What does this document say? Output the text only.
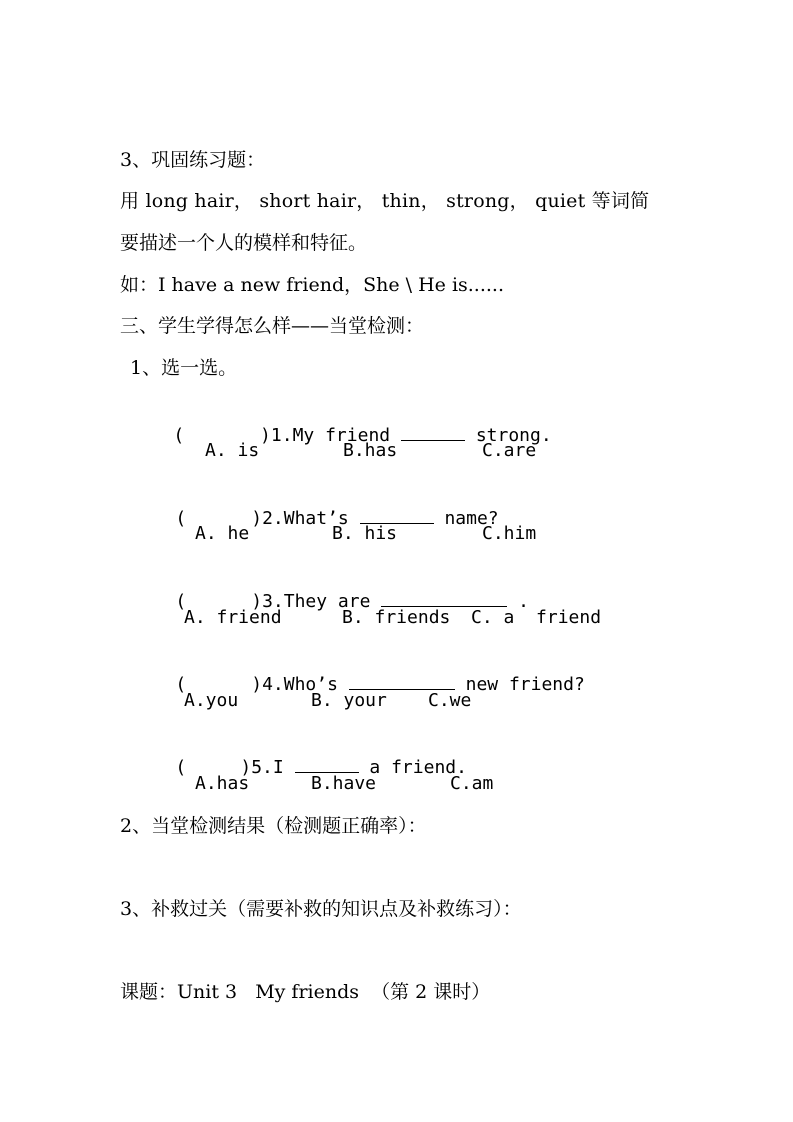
3、巩固练习题：
用 long hair， short hair， thin， strong， quiet 等词简
要描述一个人的模样和特征。
如：I have a new friend，She \ He is......
三、学生学得怎么样——当堂检测：
1、选一选。

(       )1.My friend	strong.

A. is	B.has	C.are

(      )2.What’s	name?

A. he	B. his	C.him

(      )3.They are	.

A. friend	B. friends C. a  friend

(      )4.Who’s	new friend?

A.you	B. your C.we

(     )5.I	a friend.

A.has	B.have	C.am
2、当堂检测结果（检测题正确率）：
3、补救过关（需要补救的知识点及补救练习）：
课题：Unit 3   My friends  （第 2 课时）
